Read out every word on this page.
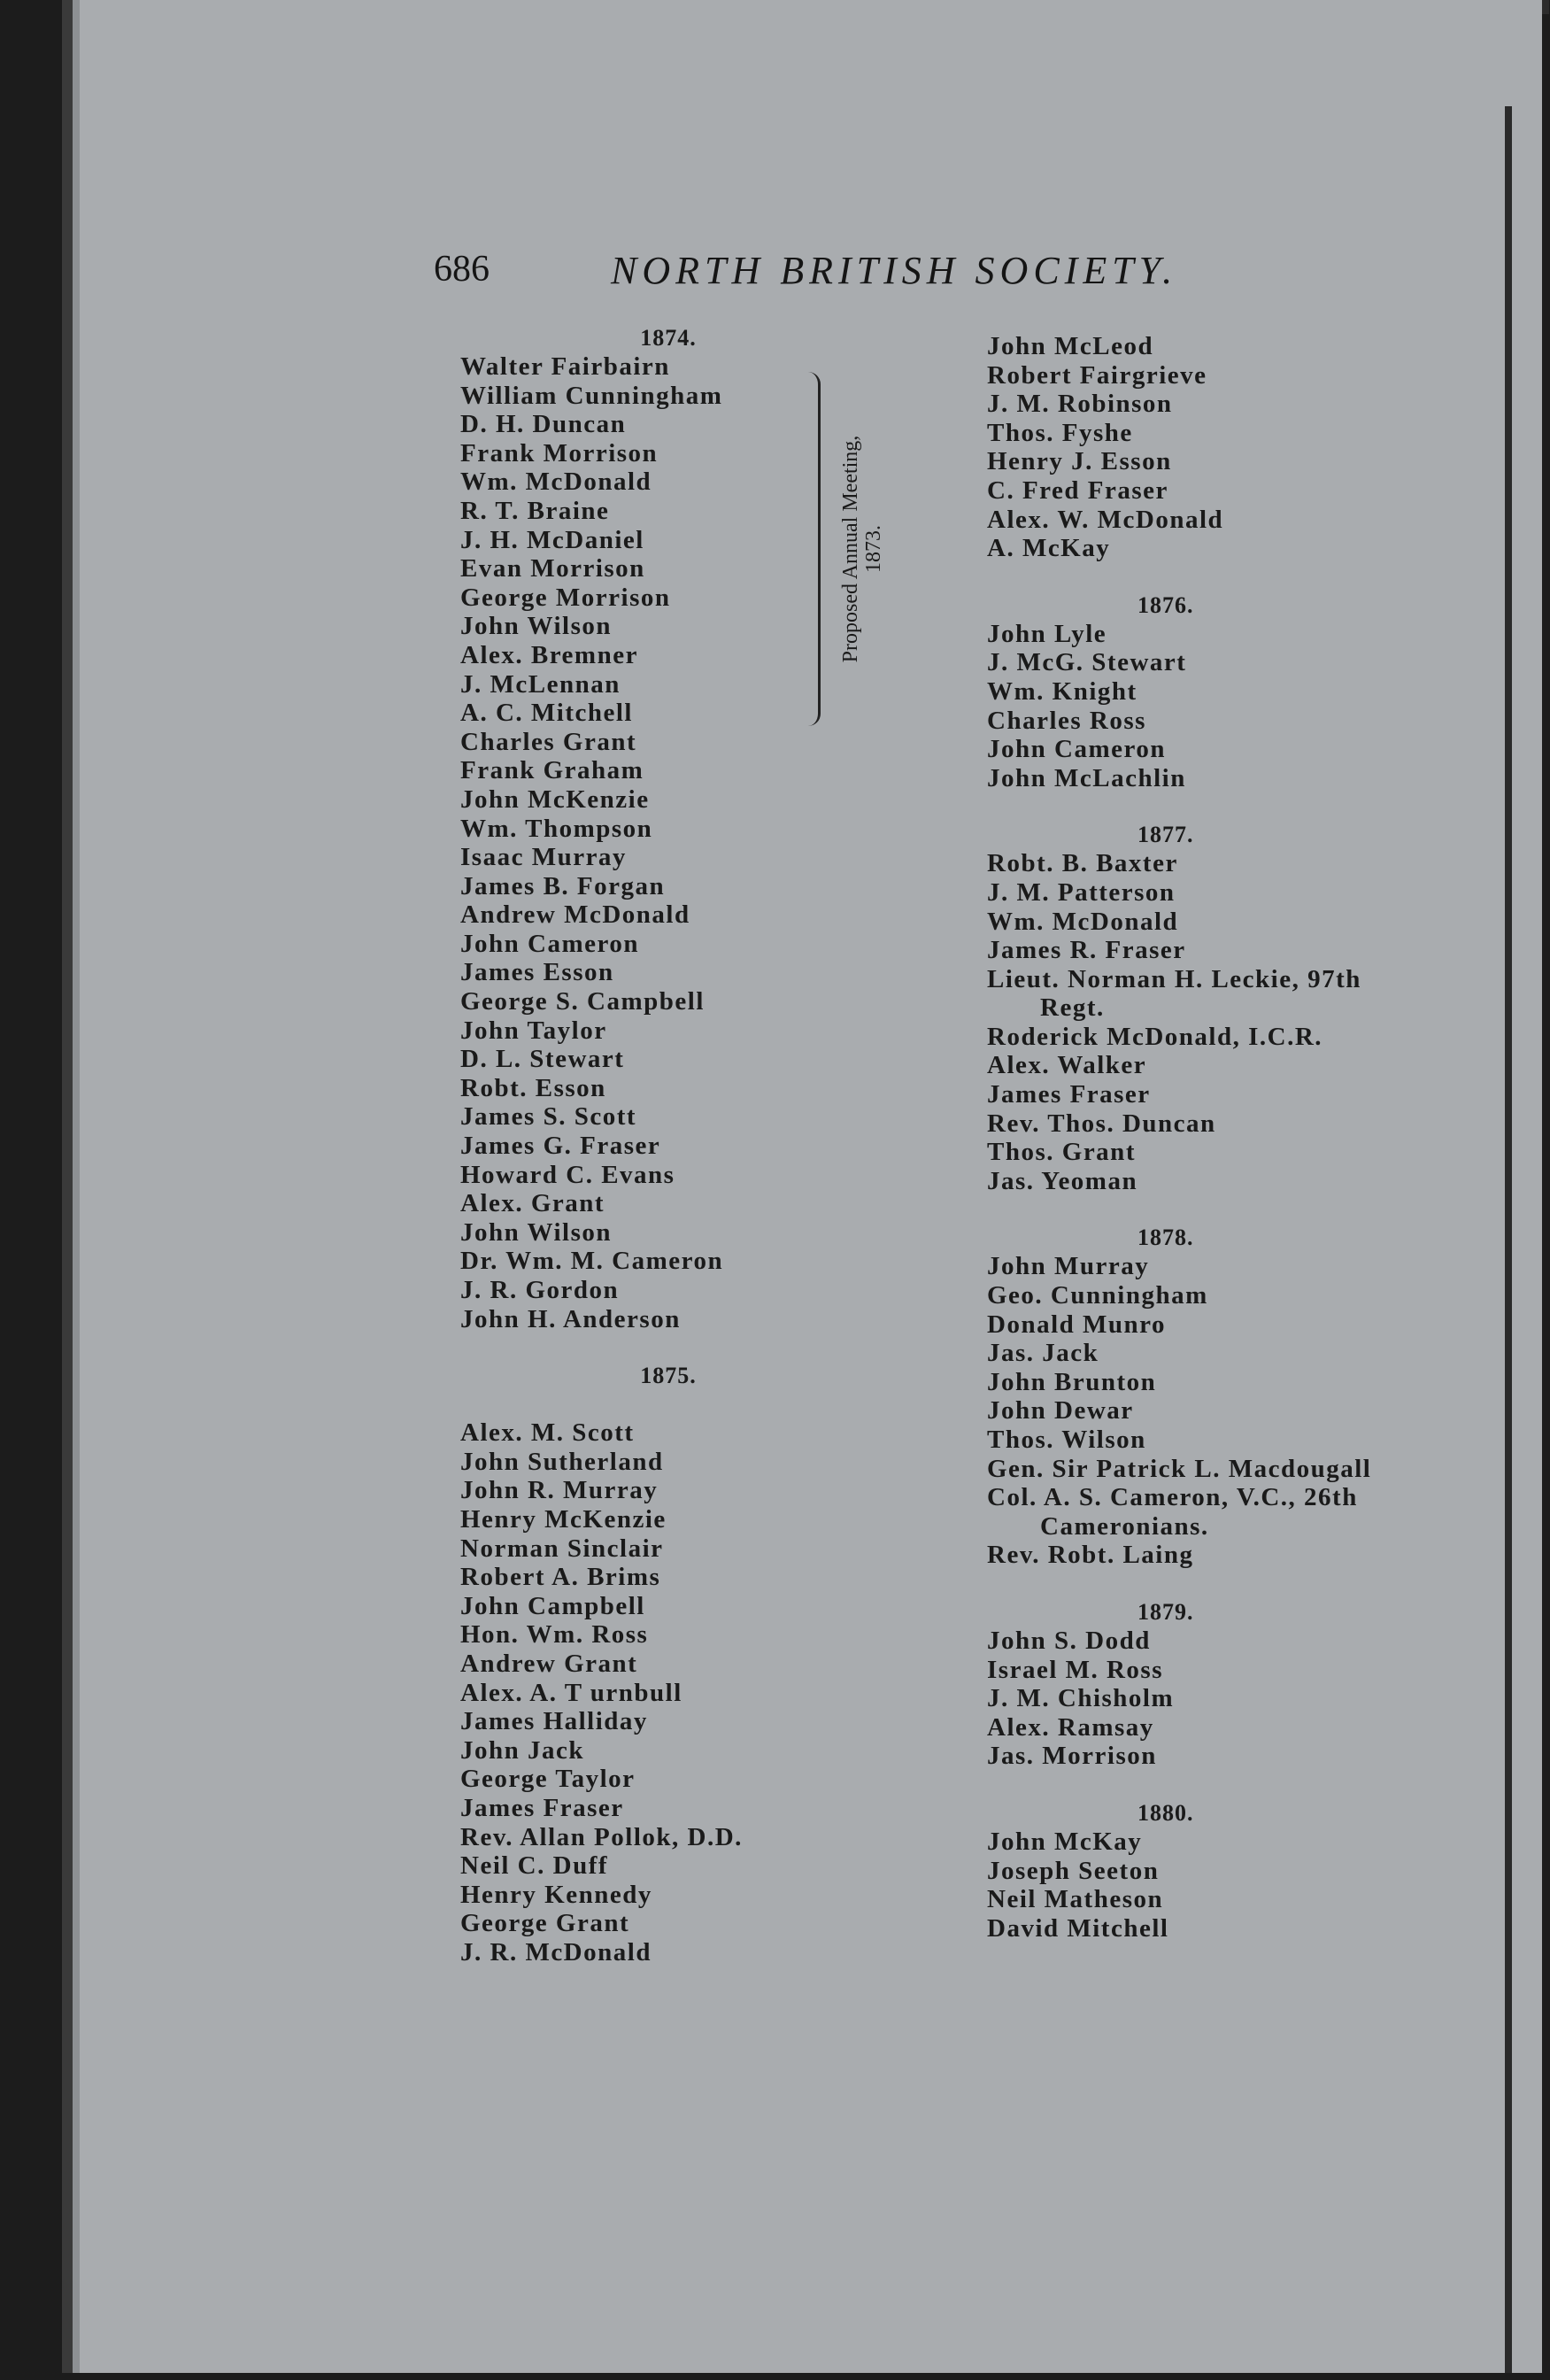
686	NORTH BRITISH SOCIETY.
1874.
Walter Fairbairn
William Cunningham
D. H. Duncan
Frank Morrison
Wm. McDonald
R. T. Braine
J. H. McDaniel
Evan Morrison
George Morrison
John Wilson
Alex. Bremner
J. McLennan
A. C. Mitchell
Charles Grant
Frank Graham
John McKenzie
Wm. Thompson
Isaac Murray
James B. Forgan
Andrew McDonald
John Cameron
James Esson
George S. Campbell
John Taylor
D. L. Stewart
Robt. Esson
James S. Scott
James G. Fraser
Howard C. Evans
Alex. Grant
John Wilson
Dr. Wm. M. Cameron
J. R. Gordon
John H. Anderson
1875.
Alex. M. Scott
John Sutherland
John R. Murray
Henry McKenzie
Norman Sinclair
Robert A. Brims
John Campbell
Hon. Wm. Ross
Andrew Grant
Alex. A. T urnbull
James Halliday
John Jack
George Taylor
James Fraser
Rev. Allan Pollok, D.D.
Neil C. Duff
Henry Kennedy
George Grant
J. R. McDonald
Proposed Annual Meeting, 1873.
John McLeod
Robert Fairgrieve
J. M. Robinson
Thos. Fyshe
Henry J. Esson
C. Fred Fraser
Alex. W. McDonald
A. McKay
1876.
John Lyle
J. McG. Stewart
Wm. Knight
Charles Ross
John Cameron
John McLachlin
1877.
Robt. B. Baxter
J. M. Patterson
Wm. McDonald
James R. Fraser
Lieut. Norman H. Leckie, 97th
Regt.
Roderick McDonald, I.C.R.
Alex. Walker
James Fraser
Rev. Thos. Duncan
Thos. Grant
Jas. Yeoman
1878.
John Murray
Geo. Cunningham
Donald Munro
Jas. Jack
John Brunton
John Dewar
Thos. Wilson
Gen. Sir Patrick L. Macdougall
Col. A. S. Cameron, V.C., 26th
Cameronians.
Rev. Robt. Laing
1879.
John S. Dodd
Israel M. Ross
J. M. Chisholm
Alex. Ramsay
Jas. Morrison
1880.
John McKay
Joseph Seeton
Neil Matheson
David Mitchell
